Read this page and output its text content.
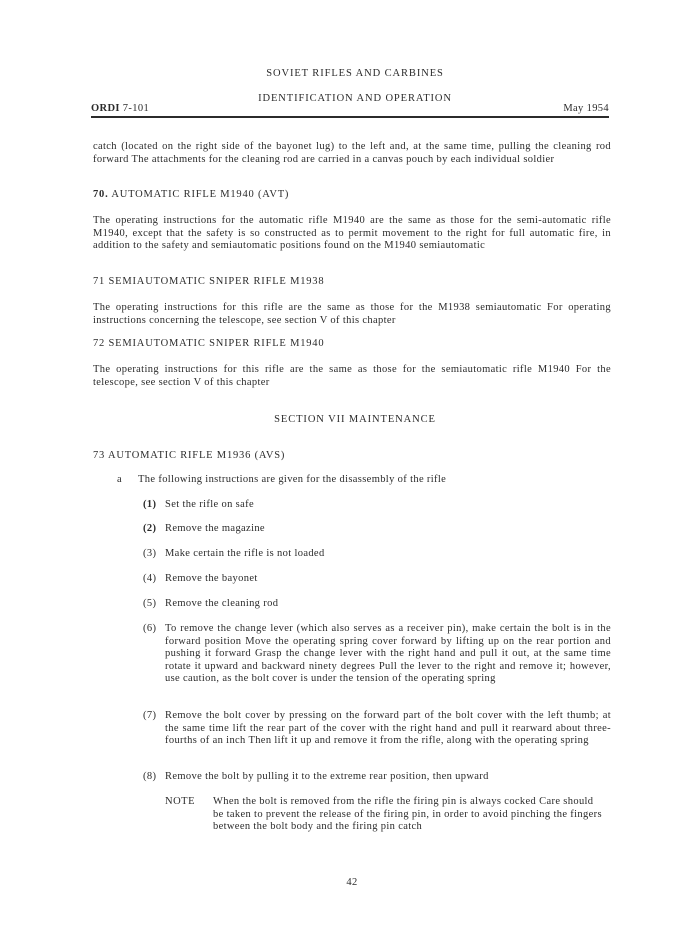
SOVIET RIFLES AND CARBINES
IDENTIFICATION AND OPERATION
ORDI 7-101	May 1954
catch (located on the right side of the bayonet lug) to the left and, at the same time, pulling the cleaning rod forward The attachments for the cleaning rod are carried in a canvas pouch by each individual soldier
70. AUTOMATIC RIFLE M1940 (AVT)
The operating instructions for the automatic rifle M1940 are the same as those for the semi-automatic rifle M1940, except that the safety is so constructed as to permit movement to the right for full automatic fire, in addition to the safety and semiautomatic positions found on the M1940 semiautomatic
71 SEMIAUTOMATIC SNIPER RIFLE M1938
The operating instructions for this rifle are the same as those for the M1938 semiautomatic For operating instructions concerning the telescope, see section V of this chapter
72 SEMIAUTOMATIC SNIPER RIFLE M1940
The operating instructions for this rifle are the same as those for the semiautomatic rifle M1940 For the telescope, see section V of this chapter
SECTION VII MAINTENANCE
73 AUTOMATIC RIFLE M1936 (AVS)
a The following instructions are given for the disassembly of the rifle
(1) Set the rifle on safe
(2) Remove the magazine
(3) Make certain the rifle is not loaded
(4) Remove the bayonet
(5) Remove the cleaning rod
(6) To remove the change lever (which also serves as a receiver pin), make certain the bolt is in the forward position Move the operating spring cover forward by lifting up on the rear portion and pushing it forward Grasp the change lever with the right hand and pull it out, at the same time rotate it upward and backward ninety degrees Pull the lever to the right and remove it; however, use caution, as the bolt cover is under the tension of the operating spring
(7) Remove the bolt cover by pressing on the forward part of the bolt cover with the left thumb; at the same time lift the rear part of the cover with the right hand and pull it rearward about three-fourths of an inch Then lift it up and remove it from the rifle, along with the operating spring
(8) Remove the bolt by pulling it to the extreme rear position, then upward
NOTE When the bolt is removed from the rifle the firing pin is always cocked Care should be taken to prevent the release of the firing pin, in order to avoid pinching the fingers between the bolt body and the firing pin catch
42
